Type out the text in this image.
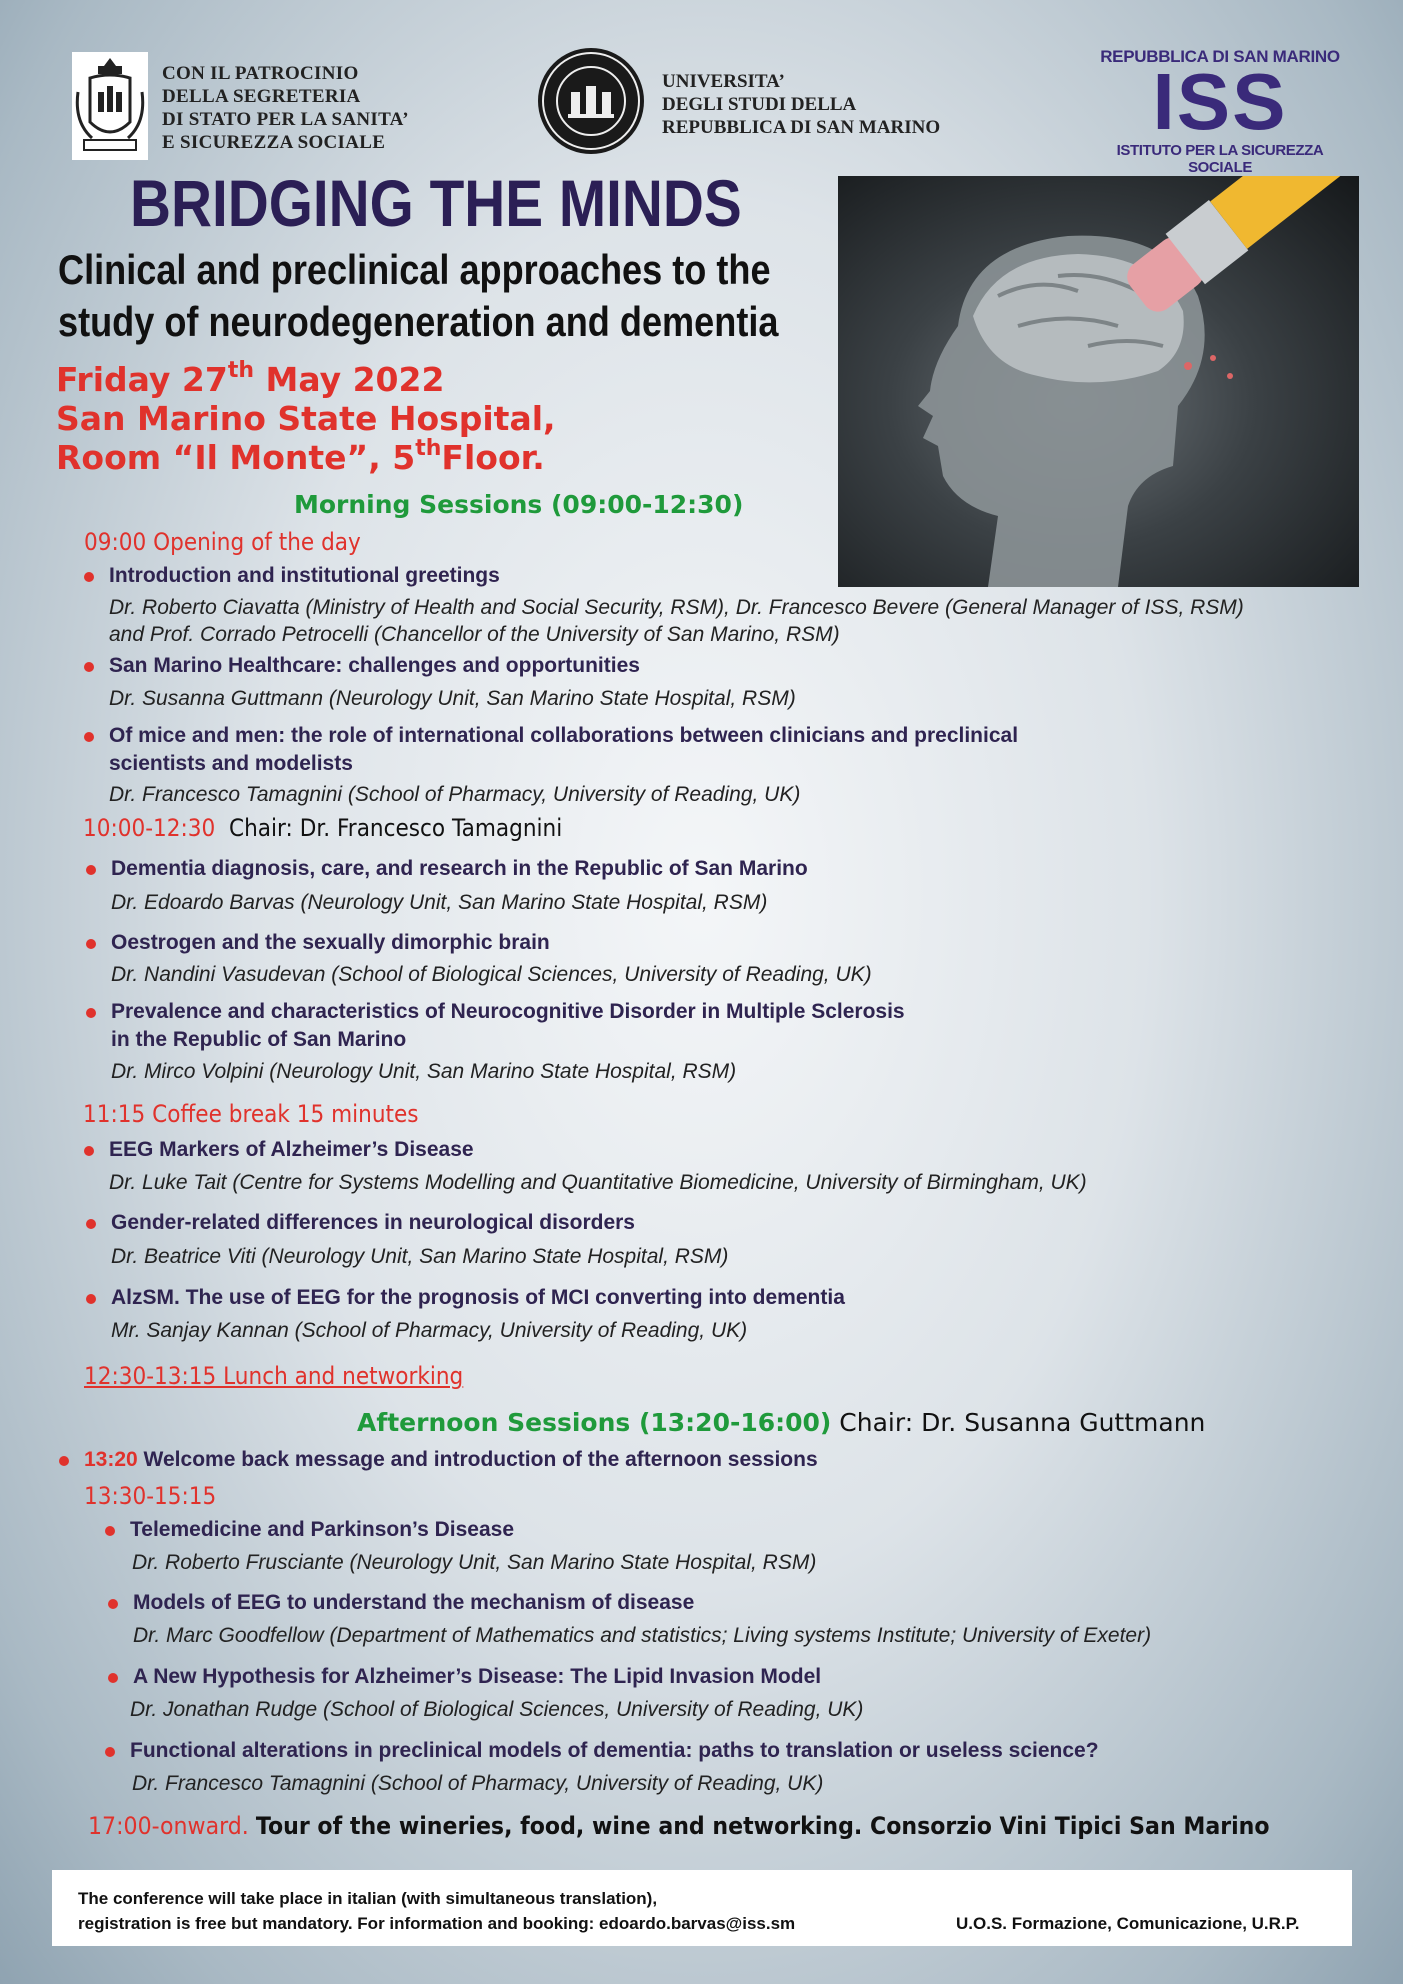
CON IL PATROCINIO
DELLA SEGRETERIA
DI STATO PER LA SANITA’
E SICUREZZA SOCIALE
UNIVERSITA’
DEGLI STUDI DELLA
REPUBBLICA DI SAN MARINO
REPUBBLICA DI SAN MARINO
ISS
ISTITUTO PER LA SICUREZZA SOCIALE
BRIDGING THE MINDS
Clinical and preclinical approaches to the
study of neurodegeneration and dementia
Friday 27th May 2022
San Marino State Hospital,
Room “Il Monte”, 5thFloor.
Morning Sessions (09:00-12:30)
09:00 Opening of the day
Introduction and institutional greetings
Dr. Roberto Ciavatta (Ministry of Health and Social Security, RSM), Dr. Francesco Bevere (General Manager of ISS, RSM)
and Prof. Corrado Petrocelli (Chancellor of the University of San Marino, RSM)
San Marino Healthcare: challenges and opportunities
Dr. Susanna Guttmann (Neurology Unit, San Marino State Hospital, RSM)
Of mice and men: the role of international collaborations between clinicians and preclinical
scientists and modelists
Dr. Francesco Tamagnini (School of Pharmacy, University of Reading, UK)
10:00-12:30 Chair: Dr. Francesco Tamagnini
Dementia diagnosis, care, and research in the Republic of San Marino
Dr. Edoardo Barvas (Neurology Unit, San Marino State Hospital, RSM)
Oestrogen and the sexually dimorphic brain
Dr. Nandini Vasudevan (School of Biological Sciences, University of Reading, UK)
Prevalence and characteristics of Neurocognitive Disorder in Multiple Sclerosis
in the Republic of San Marino
Dr. Mirco Volpini (Neurology Unit, San Marino State Hospital, RSM)
11:15 Coffee break 15 minutes
EEG Markers of Alzheimer’s Disease
Dr. Luke Tait (Centre for Systems Modelling and Quantitative Biomedicine, University of Birmingham, UK)
Gender-related differences in neurological disorders
Dr. Beatrice Viti (Neurology Unit, San Marino State Hospital, RSM)
AlzSM. The use of EEG for the prognosis of MCI converting into dementia
Mr. Sanjay Kannan (School of Pharmacy, University of Reading, UK)
12:30-13:15 Lunch and networking
Afternoon Sessions (13:20-16:00) Chair: Dr. Susanna Guttmann
13:20 Welcome back message and introduction of the afternoon sessions
13:30-15:15
Telemedicine and Parkinson’s Disease
Dr. Roberto Frusciante (Neurology Unit, San Marino State Hospital, RSM)
Models of EEG to understand the mechanism of disease
Dr. Marc Goodfellow (Department of Mathematics and statistics; Living systems Institute; University of Exeter)
A New Hypothesis for Alzheimer’s Disease: The Lipid Invasion Model
Dr. Jonathan Rudge (School of Biological Sciences, University of Reading, UK)
Functional alterations in preclinical models of dementia: paths to translation or useless science?
Dr. Francesco Tamagnini (School of Pharmacy, University of Reading, UK)
17:00-onward. Tour of the wineries, food, wine and networking. Consorzio Vini Tipici San Marino
The conference will take place in italian (with simultaneous translation),
registration is free but mandatory. For information and booking: edoardo.barvas@iss.sm	U.O.S. Formazione, Comunicazione, U.R.P.
